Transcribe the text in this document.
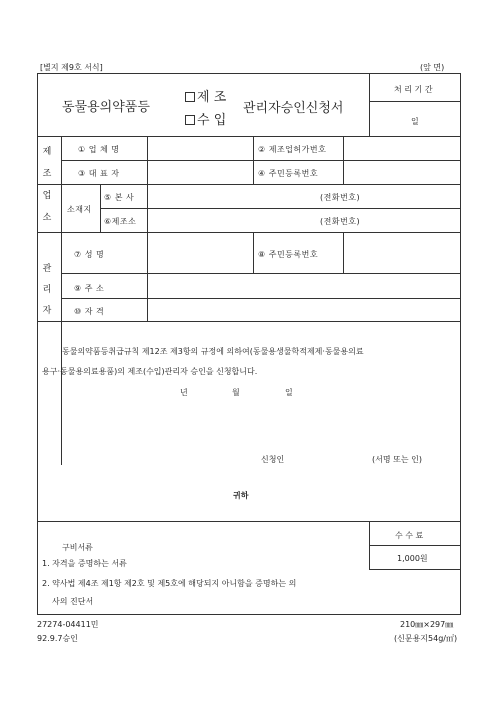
[별지 제9호 서식]	(앞 면)
동물용의약품등
제 조
수 입
관리자승인신청서
처 리 기 간
일
제
조
업
소
① 업 체 명	② 제조업허가번호
③ 대 표 자	④ 주민등록번호
소재지
⑤ 본 사	(전화번호)
⑥제조소	(전화번호)
관
리
자
⑦ 성 명	⑧ 주민등록번호
⑨ 주 소
⑩ 자 격
동물의약품등취급규칙 제12조 제3항의 규정에 의하여(동물용생물학적제제·동물용의료
용구·동물용의료용품)의 제조(수입)관리자 승인을 신청합니다.
년	월	일
신청인	(서명 또는 인)
귀하
수 수 료
1,000원
구비서류
1. 자격을 증명하는 서류
2. 약사법 제4조 제1항 제2호 및 제5호에 해당되지 아니함을 증명하는 의
사의 진단서
27274-04411민
92.9.7승인
210㎜×297㎜
(신문용지54g/㎡)
